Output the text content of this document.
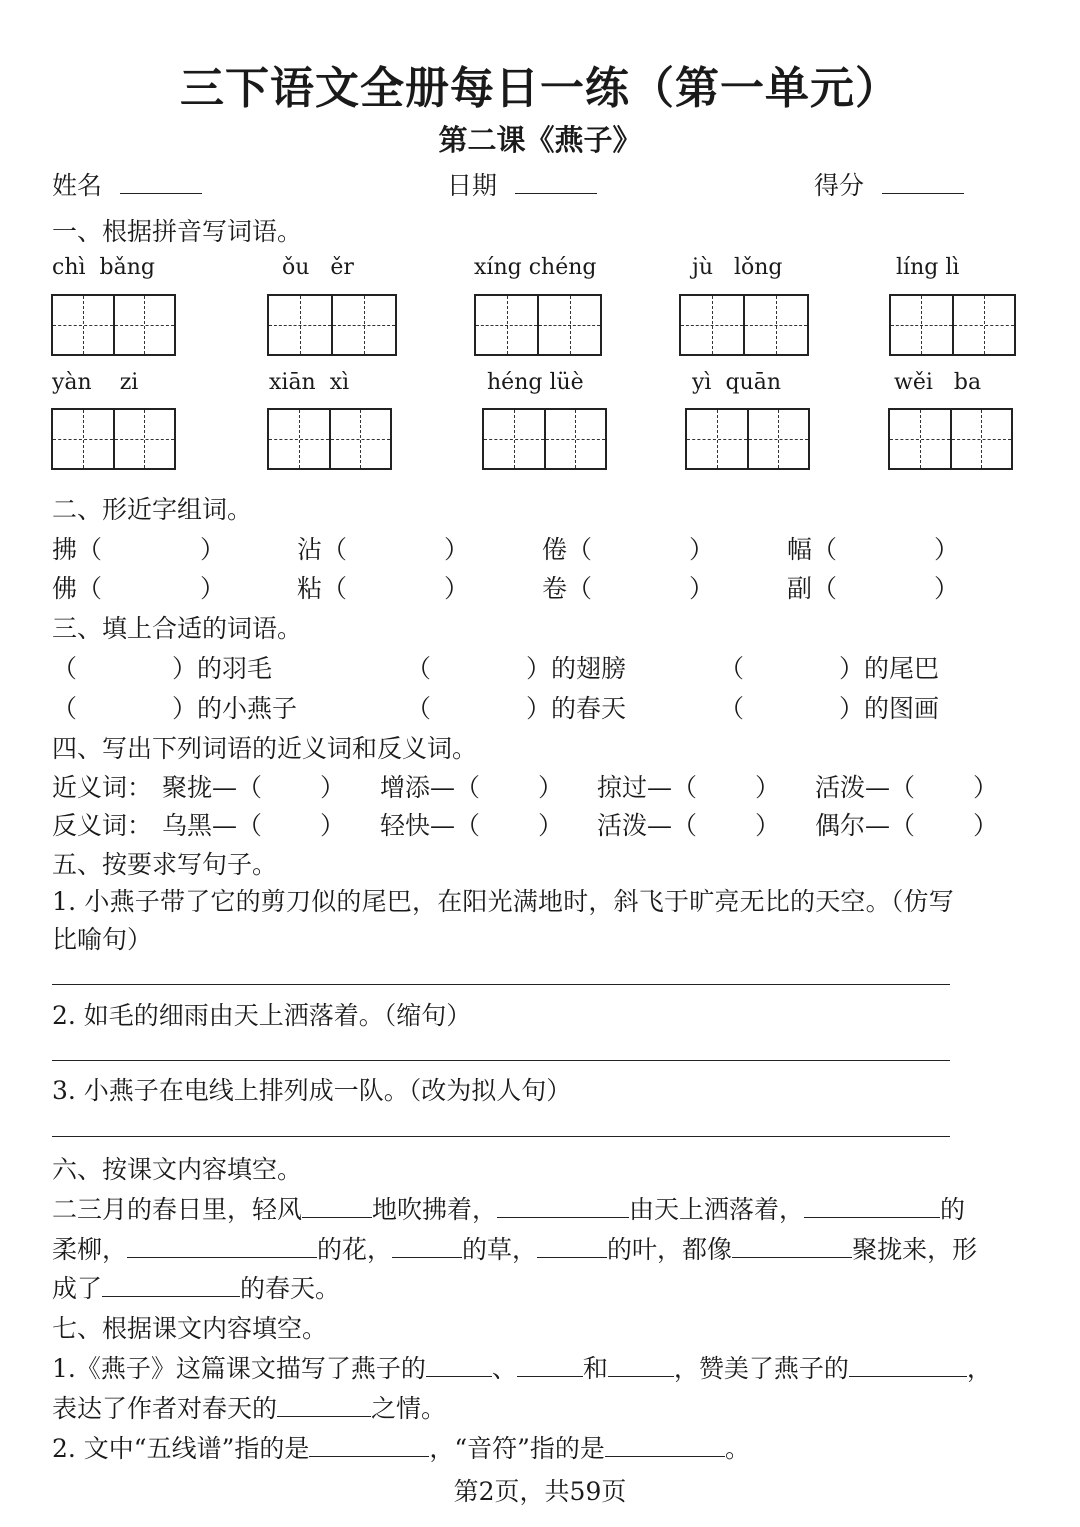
三下语文全册每日一练（第一单元）
第二课《燕子》
姓名	日期	得分
一、根据拼音写词语。
chì bǎng	ǒu ěr	xíng chéng	jù lǒng	líng lì
yàn zi	xiān xì	héng lüè	yì quān	wěi ba
二、形近字组词。
拂（	）	沾（	）	倦（	）	幅（	）
佛（	）	粘（	）	卷（	）	副（	）
三、填上合适的词语。
（	）的羽毛	（	）的翅膀	（	）的尾巴
（	）的小燕子	（	）的春天	（	）的图画
四、写出下列词语的近义词和反义词。
近义词： 聚拢—（ ） 增添—（ ） 掠过—（ ） 活泼—（ ）
反义词： 乌黑—（ ） 轻快—（ ） 活泼—（ ） 偶尔—（ ）
五、按要求写句子。
1. 小燕子带了它的剪刀似的尾巴，在阳光满地时，斜飞于旷亮无比的天空。（仿写
比喻句）
2. 如毛的细雨由天上洒落着。（缩句）
3. 小燕子在电线上排列成一队。（改为拟人句）
六、按课文内容填空。
二三月的春日里，轻风	地吹拂着，	由天上洒落着，	的
柔柳，	的花，	的草，	的叶，都像	聚拢来，形
成了	的春天。
七、根据课文内容填空。
1.《燕子》这篇课文描写了燕子的	、	和	，赞美了燕子的	，
表达了作者对春天的	之情。
2. 文中“五线谱”指的是	，“音符”指的是	。
第2页，共59页
